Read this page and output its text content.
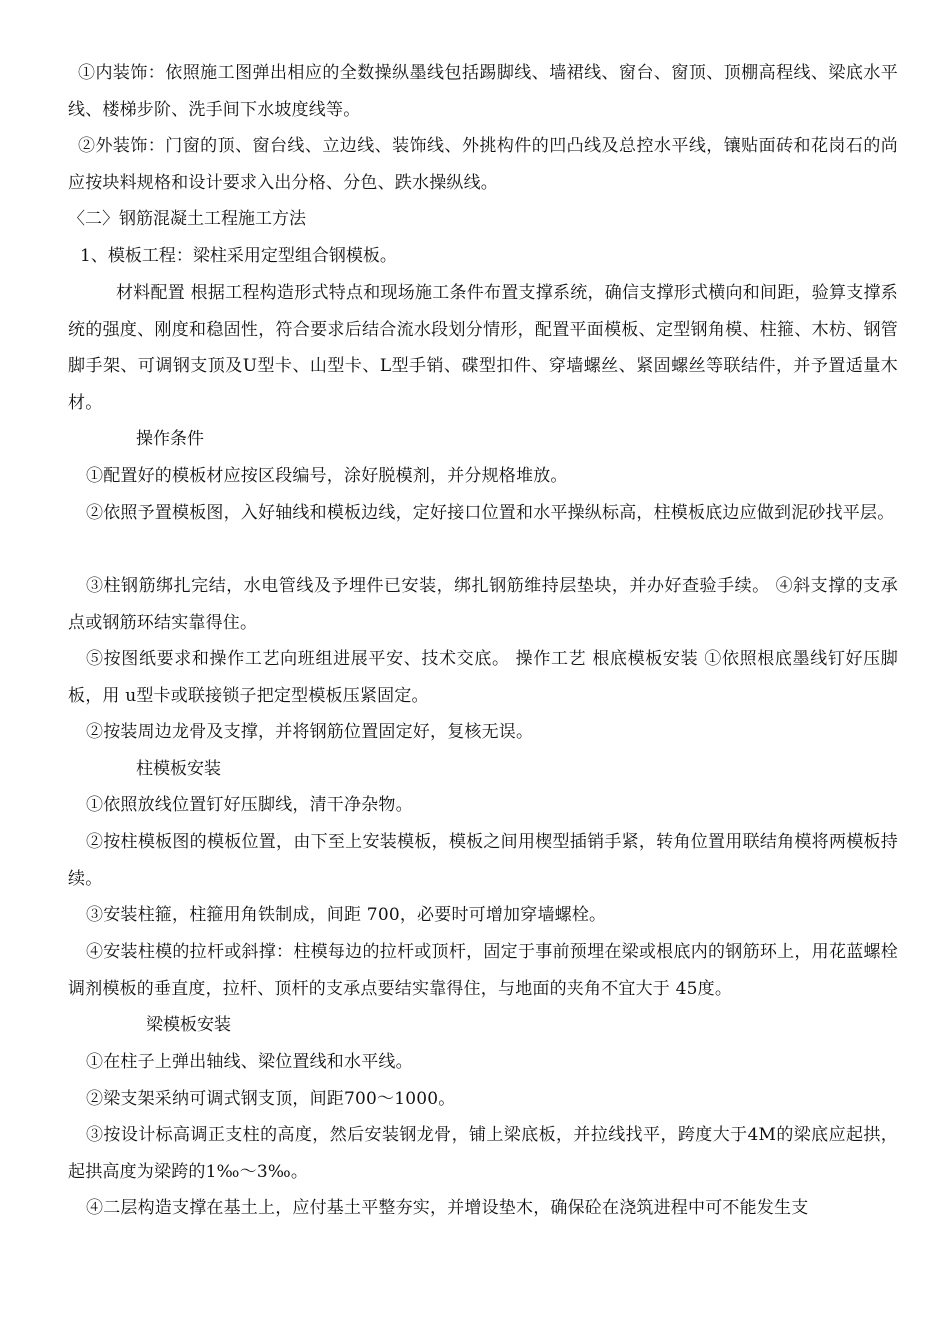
①内装饰：依照施工图弹出相应的全数操纵墨线包括踢脚线、墙裙线、窗台、窗顶、顶棚高程线、梁底水平线、楼梯步阶、洗手间下水坡度线等。

②外装饰：门窗的顶、窗台线、立边线、装饰线、外挑构件的凹凸线及总控水平线，镶贴面砖和花岗石的尚应按块料规格和设计要求入出分格、分色、跌水操纵线。

〈二〉钢筋混凝土工程施工方法

1、模板工程：梁柱采用定型组合钢模板。

材料配置 根据工程构造形式特点和现场施工条件布置支撑系统，确信支撑形式横向和间距，验算支撑系统的强度、刚度和稳固性，符合要求后结合流水段划分情形，配置平面模板、定型钢角模、柱箍、木枋、钢管脚手架、可调钢支顶及U型卡、山型卡、L型手销、碟型扣件、穿墙螺丝、紧固螺丝等联结件，并予置适量木材。

操作条件

①配置好的模板材应按区段编号，涂好脱模剂，并分规格堆放。

②依照予置模板图，入好轴线和模板边线，定好接口位置和水平操纵标高，柱模板底边应做到泥砂找平层。

③柱钢筋绑扎完结，水电管线及予埋件已安装，绑扎钢筋维持层垫块，并办好查验手续。 ④斜支撑的支承点或钢筋环结实靠得住。

⑤按图纸要求和操作工艺向班组进展平安、技术交底。 操作工艺 根底模板安装 ①依照根底墨线钉好压脚板，用 u型卡或联接锁子把定型模板压紧固定。

②按装周边龙骨及支撑，并将钢筋位置固定好，复核无误。

柱模板安装

①依照放线位置钉好压脚线，清干净杂物。

②按柱模板图的模板位置，由下至上安装模板，模板之间用楔型插销手紧，转角位置用联结角模将两模板持续。

③安装柱箍，柱箍用角铁制成，间距 700，必要时可增加穿墙螺栓。

④安装柱模的拉杆或斜撑：柱模每边的拉杆或顶杆，固定于事前预埋在梁或根底内的钢筋环上，用花蓝螺栓调剂模板的垂直度，拉杆、顶杆的支承点要结实靠得住，与地面的夹角不宜大于 45度。

梁模板安装

①在柱子上弹出轴线、梁位置线和水平线。

②梁支架采纳可调式钢支顶，间距700～1000。

③按设计标高调正支柱的高度，然后安装钢龙骨，铺上梁底板，并拉线找平，跨度大于4M的梁底应起拱，起拱高度为梁跨的1‰～3‰。

④二层构造支撑在基土上，应付基土平整夯实，并增设垫木，确保砼在浇筑进程中可不能发生支
